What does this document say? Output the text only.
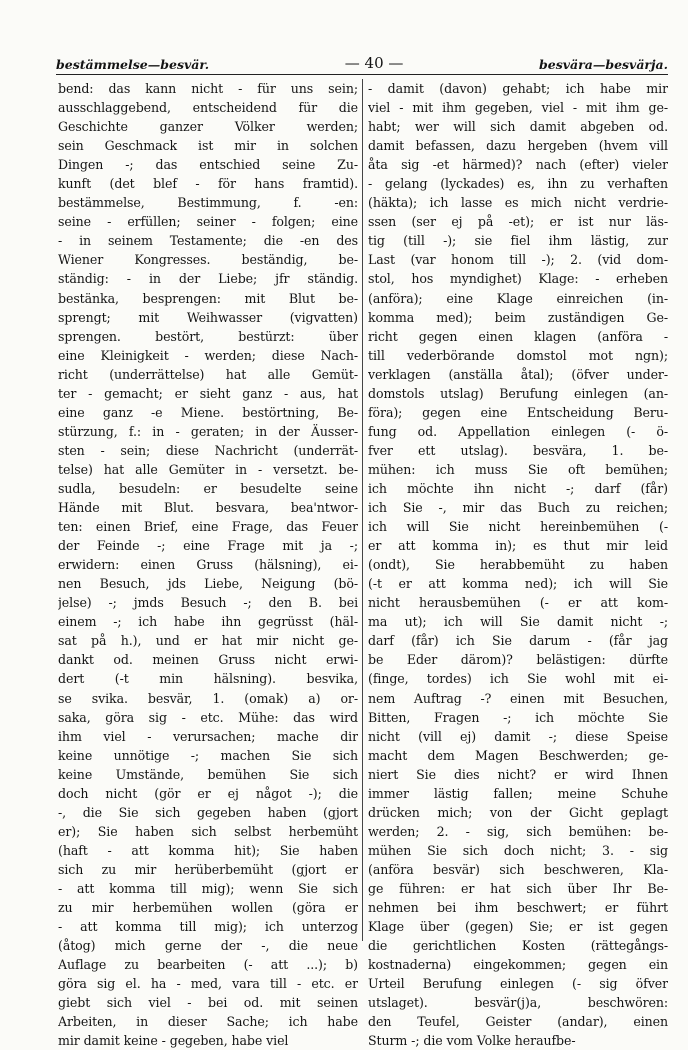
bestämmelse—besvär.	— 40 —	besvära—besvärja.
bend: das kann nicht - für uns sein;
ausschlaggebend, entscheidend für die
Geschichte ganzer Völker werden;
sein Geschmack ist mir in solchen
Dingen -; das entschied seine Zu-
kunft (det blef - för hans framtid).
bestämmelse, Bestimmung, f. -en:
seine - erfüllen; seiner - folgen; eine
- in seinem Testamente; die -en des
Wiener Kongresses. beständig, be-
ständig: - in der Liebe; jfr ständig.
bestänka, besprengen: mit Blut be-
sprengt; mit Weihwasser (vigvatten)
sprengen. bestört, bestürzt: über
eine Kleinigkeit - werden; diese Nach-
richt (underrättelse) hat alle Gemüt-
ter - gemacht; er sieht ganz - aus, hat
eine ganz -e Miene. bestörtning, Be-
stürzung, f.: in - geraten; in der Äusser-
sten - sein; diese Nachricht (underrät-
telse) hat alle Gemüter in - versetzt. be-
sudla, besudeln: er besudelte seine
Hände mit Blut. besvara, bea'ntwor-
ten: einen Brief, eine Frage, das Feuer
der Feinde -; eine Frage mit ja -;
erwidern: einen Gruss (hälsning), ei-
nen Besuch, jds Liebe, Neigung (bö-
jelse) -; jmds Besuch -; den B. bei
einem -; ich habe ihn gegrüsst (häl-
sat på h.), und er hat mir nicht ge-
dankt od. meinen Gruss nicht erwi-
dert (-t min hälsning). besvika,
se svika. besvär, 1. (omak) a) or-
saka, göra sig - etc. Mühe: das wird
ihm viel - verursachen; mache dir
keine unnötige -; machen Sie sich
keine Umstände, bemühen Sie sich
doch nicht (gör er ej något -); die
-, die Sie sich gegeben haben (gjort
er); Sie haben sich selbst herbemüht
(haft - att komma hit); Sie haben
sich zu mir herüberbemüht (gjort er
- att komma till mig); wenn Sie sich
zu mir herbemühen wollen (göra er
- att komma till mig); ich unterzog
(åtog) mich gerne der -, die neue
Auflage zu bearbeiten (- att ...); b)
göra sig el. ha - med, vara till - etc. er
giebt sich viel - bei od. mit seinen
Arbeiten, in dieser Sache; ich habe
mir damit keine - gegeben, habe viel
- damit (davon) gehabt; ich habe mir
viel - mit ihm gegeben, viel - mit ihm ge-
habt; wer will sich damit abgeben od.
damit befassen, dazu hergeben (hvem vill
åta sig -et härmed)? nach (efter) vieler
- gelang (lyckades) es, ihn zu verhaften
(häkta); ich lasse es mich nicht verdrie-
ssen (ser ej på -et); er ist nur läs-
tig (till -); sie fiel ihm lästig, zur
Last (var honom till -); 2. (vid dom-
stol, hos myndighet) Klage: - erheben
(anföra); eine Klage einreichen (in-
komma med); beim zuständigen Ge-
richt gegen einen klagen (anföra -
till vederbörande domstol mot ngn);
verklagen (anställa åtal); (öfver under-
domstols utslag) Berufung einlegen (an-
föra); gegen eine Entscheidung Beru-
fung od. Appellation einlegen (- ö-
fver ett utslag). besvära, 1. be-
mühen: ich muss Sie oft bemühen;
ich möchte ihn nicht -; darf (får)
ich Sie -, mir das Buch zu reichen;
ich will Sie nicht hereinbemühen (-
er att komma in); es thut mir leid
(ondt), Sie herabbemüht zu haben
(-t er att komma ned); ich will Sie
nicht herausbemühen (- er att kom-
ma ut); ich will Sie damit nicht -;
darf (får) ich Sie darum - (får jag
be Eder därom)? belästigen: dürfte
(finge, tordes) ich Sie wohl mit ei-
nem Auftrag -? einen mit Besuchen,
Bitten, Fragen -; ich möchte Sie
nicht (vill ej) damit -; diese Speise
macht dem Magen Beschwerden; ge-
niert Sie dies nicht? er wird Ihnen
immer lästig fallen; meine Schuhe
drücken mich; von der Gicht geplagt
werden; 2. - sig, sich bemühen: be-
mühen Sie sich doch nicht; 3. - sig
(anföra besvär) sich beschweren, Kla-
ge führen: er hat sich über Ihr Be-
nehmen bei ihm beschwert; er führt
Klage über (gegen) Sie; er ist gegen
die gerichtlichen Kosten (rättegångs-
kostnaderna) eingekommen; gegen ein
Urteil Berufung einlegen (- sig öfver
utslaget). besvär(j)a, beschwören:
den Teufel, Geister (andar), einen
Sturm -; die vom Volke heraufbe-
